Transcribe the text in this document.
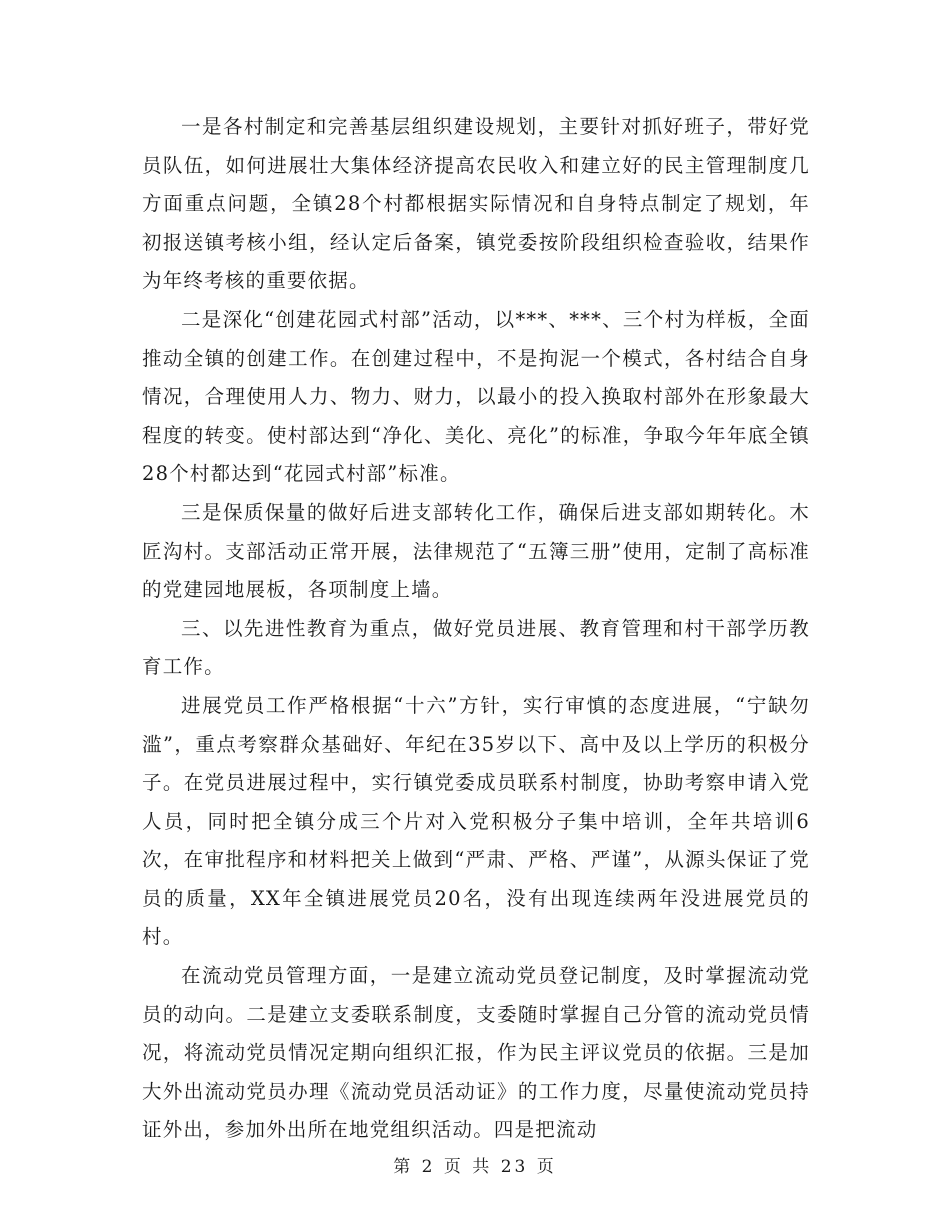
一是各村制定和完善基层组织建设规划，主要针对抓好班子，带好党员队伍，如何进展壮大集体经济提高农民收入和建立好的民主管理制度几方面重点问题，全镇28个村都根据实际情况和自身特点制定了规划，年初报送镇考核小组，经认定后备案，镇党委按阶段组织检查验收，结果作为年终考核的重要依据。

二是深化“创建花园式村部”活动，以***、***、三个村为样板，全面推动全镇的创建工作。在创建过程中，不是拘泥一个模式，各村结合自身情况，合理使用人力、物力、财力，以最小的投入换取村部外在形象最大程度的转变。使村部达到“净化、美化、亮化”的标准，争取今年年底全镇28个村都达到“花园式村部”标准。

三是保质保量的做好后进支部转化工作，确保后进支部如期转化。木匠沟村。支部活动正常开展，法律规范了“五簿三册”使用，定制了高标准的党建园地展板，各项制度上墙。

三、以先进性教育为重点，做好党员进展、教育管理和村干部学历教育工作。

进展党员工作严格根据“十六”方针，实行审慎的态度进展，“宁缺勿滥”，重点考察群众基础好、年纪在35岁以下、高中及以上学历的积极分子。在党员进展过程中，实行镇党委成员联系村制度，协助考察申请入党人员，同时把全镇分成三个片对入党积极分子集中培训，全年共培训6次，在审批程序和材料把关上做到“严肃、严格、严谨”，从源头保证了党员的质量，XX年全镇进展党员20名，没有出现连续两年没进展党员的村。

在流动党员管理方面，一是建立流动党员登记制度，及时掌握流动党员的动向。二是建立支委联系制度，支委随时掌握自己分管的流动党员情况，将流动党员情况定期向组织汇报，作为民主评议党员的依据。三是加大外出流动党员办理《流动党员活动证》的工作力度，尽量使流动党员持证外出，参加外出所在地党组织活动。四是把流动

第 2 页 共 23 页
